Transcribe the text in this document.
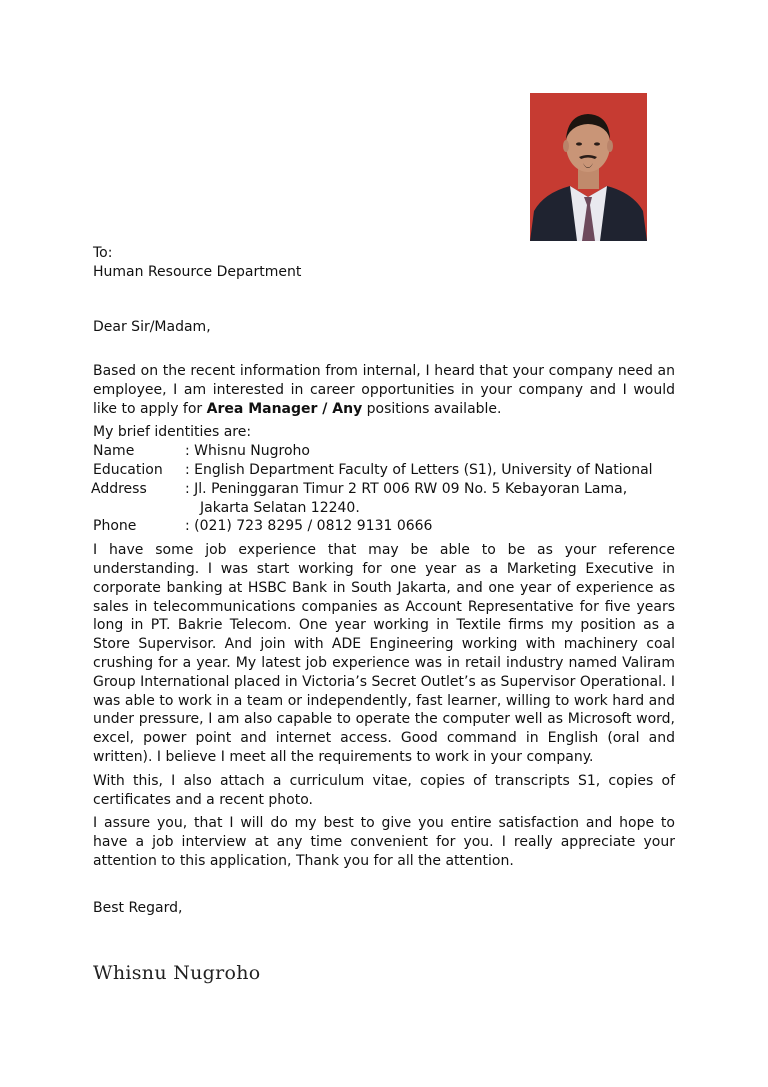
To:
Human Resource Department
Dear Sir/Madam,

Based on the recent information from internal, I heard that your company need an employee, I am interested in career opportunities in your company and I would like to apply for Area Manager / Any positions available.

My brief identities are:
Name	: Whisnu Nugroho
Education	: English Department Faculty of Letters (S1), University of National
Address	: Jl. Peninggaran Timur 2 RT 006 RW 09 No. 5 Kebayoran Lama,
Jakarta Selatan 12240.
Phone	: (021) 723 8295 / 0812 9131 0666

I have some job experience that may be able to be as your reference understanding. I was start working for one year as a Marketing Executive in corporate banking at HSBC Bank in South Jakarta, and one year of experience as sales in telecommunications companies as Account Representative for five years long in PT. Bakrie Telecom. One year working in Textile firms my position as a Store Supervisor. And join with ADE Engineering working with machinery coal crushing for a year. My latest job experience was in retail industry named Valiram Group International placed in Victoria’s Secret Outlet’s as Supervisor Operational. I was able to work in a team or independently, fast learner, willing to work hard and under pressure, I am also capable to operate the computer well as Microsoft word, excel, power point and internet access. Good command in English (oral and written). I believe I meet all the requirements to work in your company.

With this, I also attach a curriculum vitae, copies of transcripts S1, copies of certificates and a recent photo.

I assure you, that I will do my best to give you entire satisfaction and hope to have a job interview at any time convenient for you. I really appreciate your attention to this application, Thank you for all the attention.

Best Regard,
Whisnu Nugroho
